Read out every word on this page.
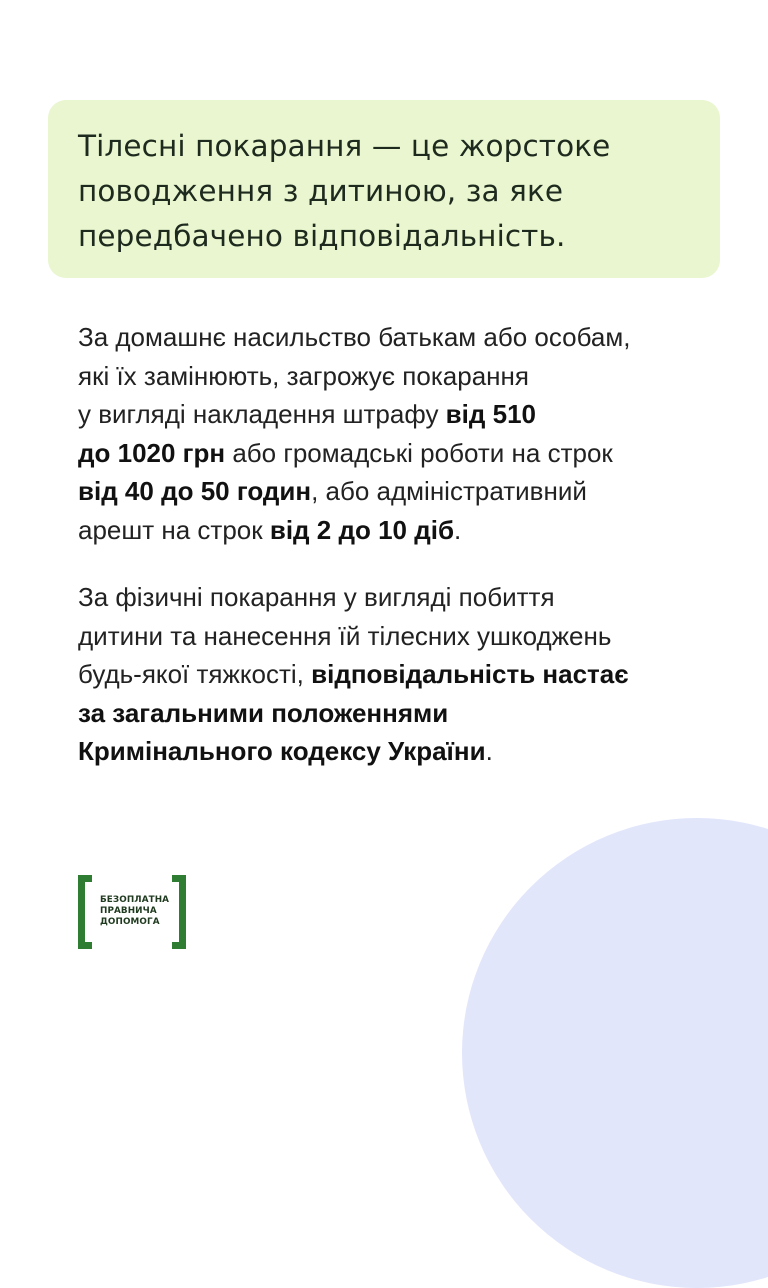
Тілесні покарання — це жорстоке
поводження з дитиною, за яке
передбачено відповідальність.

За домашнє насильство батькам або особам,
які їх замінюють, загрожує покарання
у вигляді накладення штрафу від 510
до 1020 грн або громадські роботи на строк
від 40 до 50 годин, або адміністративний
арешт на строк від 2 до 10 діб.

За фізичні покарання у вигляді побиття
дитини та нанесення їй тілесних ушкоджень
будь-якої тяжкості, відповідальність настає
за загальними положеннями
Кримінального кодексу України.

БЕЗОПЛАТНА
ПРАВНИЧА
ДОПОМОГА
